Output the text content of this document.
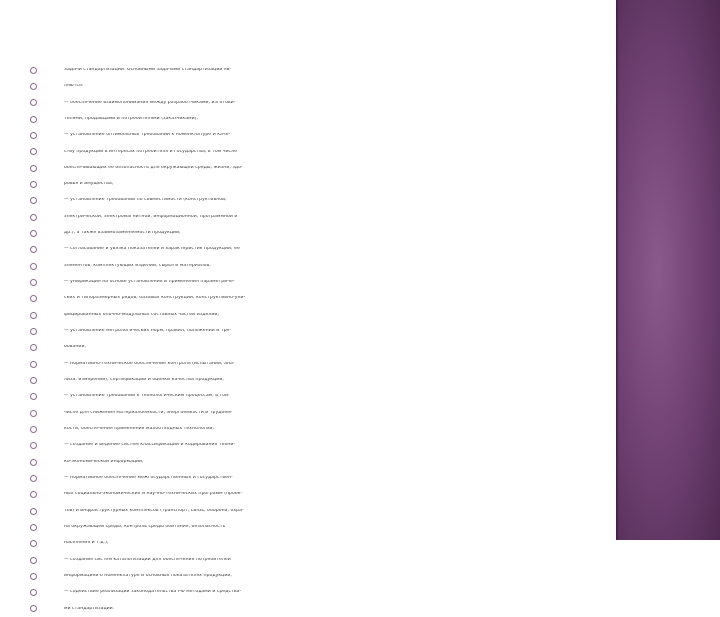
Задачи стандартизации. Основными задачами стандартизации яв-
ляются:
— обеспечение взаимопонимания между разработчиками, изготови-
телями, продавцами и потребителями (заказчиками);
— установление оптимальных требований к номенклатуре и каче-
ству продукции в интересах потребителя и государства, в том числе
обеспечивающих ее безопасность для окружающей среды, жизни, здо-
ровья и имущества;
— установление требований по совместимости (конструктивной,
электрической, электромагнитной, информационной, программной и
др.), а также взаимозаменяемости продукции;
— согласование и увязка показателей и характеристик продукции, ее
элементов, комплектующих изделий, сырья и материалов;
— унификация на основе установления и применения параметриче-
ских и типоразмерных рядов, базовых конструкций, конструктивно-уни-
фицированных блочно-модульных составных частей изделий;
— установление метрологических норм, правил, положений и тре-
бований;
— нормативно-техническое обеспечение контроля (испытаний, ана-
лиза, измерений), сертификации и оценки качества продукции;
— установление требований к технологическим процессам, в том
числе для снижения материалоемкости, энергоемкости и трудоем-
кости, обеспечения применения малоотходных технологий;
— создание и ведение систем классификации и кодирования техни-
ко-экономической информации;
— нормативное обеспечение межгосударственных и государствен-
ных социально-экономических и научно-технических программ (проек-
тов) и инфраструктурных комплексов (транспорт, связь, оборона, охра-
на окружающей среды, контроль среды обитания, безопасность
населения и т.д.);
— создание систем каталогизации для обеспечения потребителей
информацией о номенклатуре и основных показателях продукции;
— содействие реализации законодательства РФ методами и средства-
ми стандартизации.
